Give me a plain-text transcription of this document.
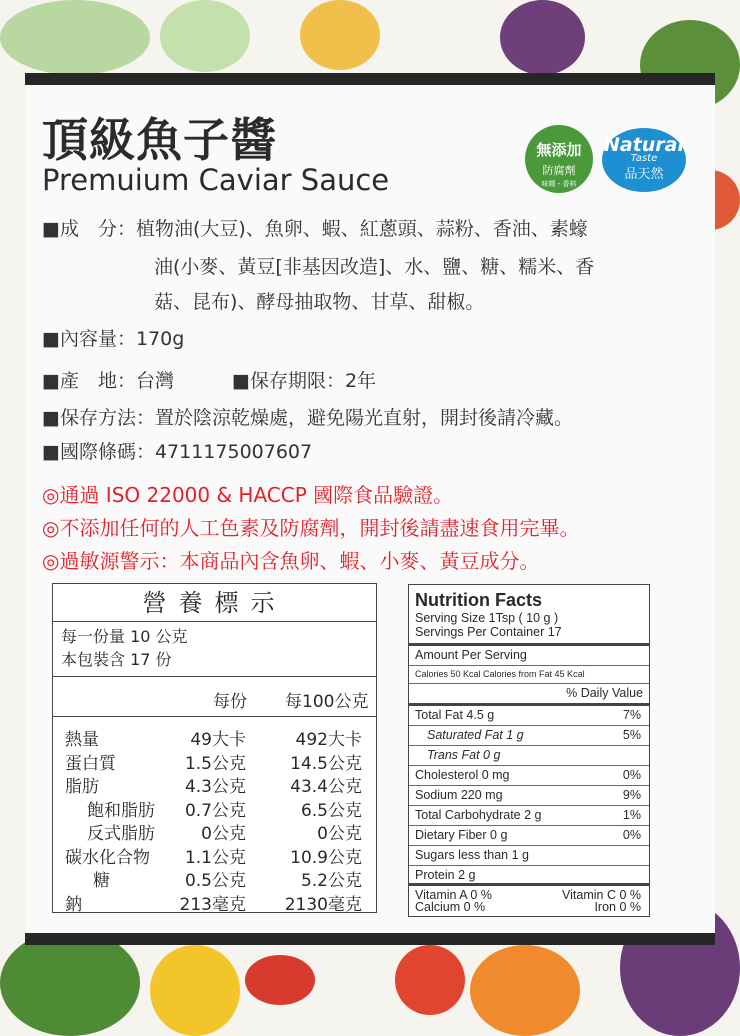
頂級魚子醬
Premuium Caviar Sauce
無添加
防腐劑
味精・香料
Natural
Taste
品天然
■成　分：植物油(大豆)、魚卵、蝦、紅蔥頭、蒜粉、香油、素蠔
油(小麥、黃豆[非基因改造]、水、鹽、糖、糯米、香
菇、昆布)、酵母抽取物、甘草、甜椒。
■內容量：170g
■產　地：台灣	■保存期限：2年
■保存方法：置於陰涼乾燥處，避免陽光直射，開封後請冷藏。
■國際條碼：4711175007607
◎通過 ISO 22000 & HACCP 國際食品驗證。
◎不添加任何的人工色素及防腐劑，開封後請盡速食用完畢。
◎過敏源警示：本商品內含魚卵、蝦、小麥、黃豆成分。
營養標示
每一份量 10 公克
本包裝含 17 份
每份 每100公克
熱量	49大卡	492大卡
蛋白質	1.5公克	14.5公克
脂肪	4.3公克	43.4公克
飽和脂肪 0.7公克	6.5公克
反式脂肪	0公克	0公克
碳水化合物 1.1公克	10.9公克
糖	0.5公克	5.2公克
鈉	213毫克 2130毫克
Nutrition Facts
Serving Size 1Tsp ( 10 g )
Servings Per Container 17
Amount Per Serving
Calories 50 Kcal Calories from Fat 45 Kcal
% Daily Value
Total Fat 4.5 g	7%
Saturated Fat 1 g	5%
Trans Fat 0 g
Cholesterol 0 mg	0%
Sodium 220 mg	9%
Total Carbohydrate 2 g	1%
Dietary Fiber 0 g	0%
Sugars less than 1 g
Protein 2 g
Vitamin A 0 %	Vitamin C 0 %
Calcium 0 %	Iron 0 %
